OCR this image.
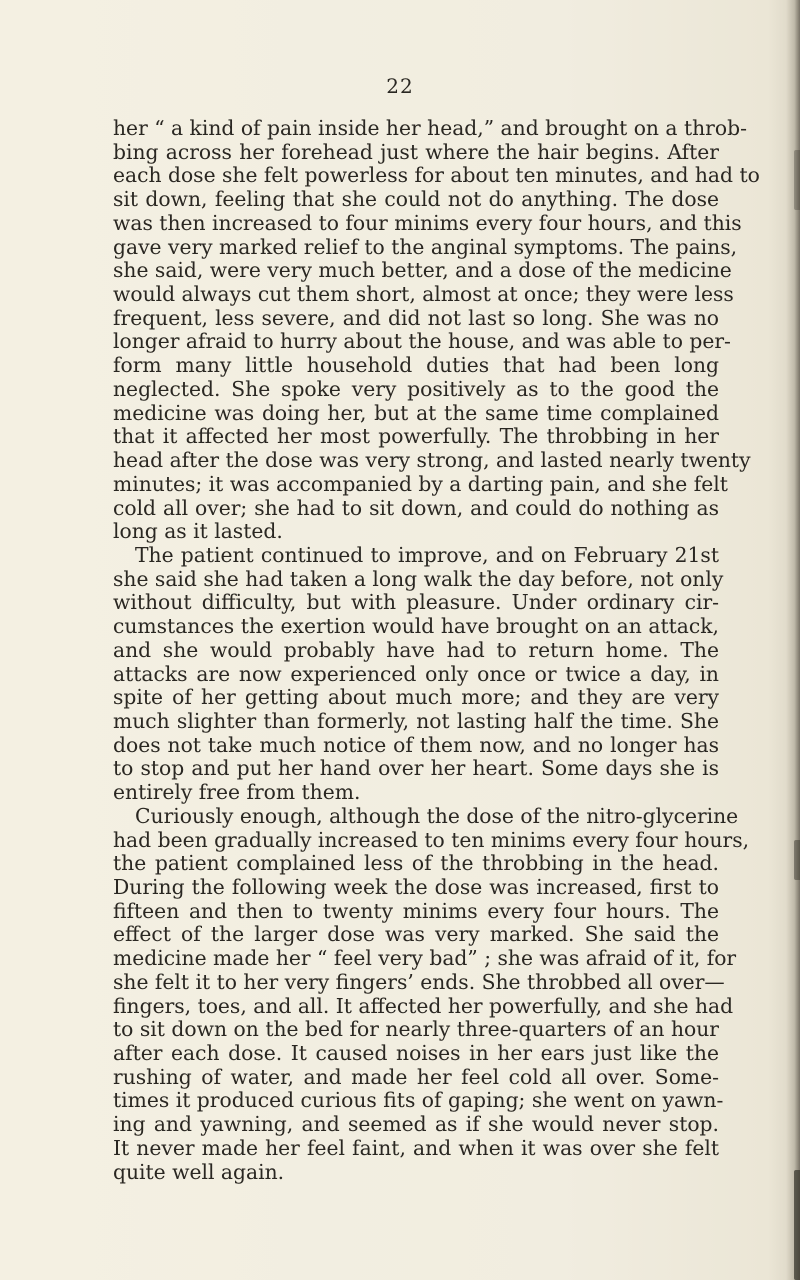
22
her “ a kind of pain inside her head,” and brought on a throb-
bing across her forehead just where the hair begins. After
each dose she felt powerless for about ten minutes, and had to
sit down, feeling that she could not do anything. The dose
was then increased to four minims every four hours, and this
gave very marked relief to the anginal symptoms. The pains,
she said, were very much better, and a dose of the medicine
would always cut them short, almost at once; they were less
frequent, less severe, and did not last so long. She was no
longer afraid to hurry about the house, and was able to per-
form many little household duties that had been long
neglected. She spoke very positively as to the good the
medicine was doing her, but at the same time complained
that it affected her most powerfully. The throbbing in her
head after the dose was very strong, and lasted nearly twenty
minutes; it was accompanied by a darting pain, and she felt
cold all over; she had to sit down, and could do nothing as
long as it lasted.
The patient continued to improve, and on February 21st
she said she had taken a long walk the day before, not only
without difficulty, but with pleasure. Under ordinary cir-
cumstances the exertion would have brought on an attack,
and she would probably have had to return home. The
attacks are now experienced only once or twice a day, in
spite of her getting about much more; and they are very
much slighter than formerly, not lasting half the time. She
does not take much notice of them now, and no longer has
to stop and put her hand over her heart. Some days she is
entirely free from them.
Curiously enough, although the dose of the nitro-glycerine
had been gradually increased to ten minims every four hours,
the patient complained less of the throbbing in the head.
During the following week the dose was increased, first to
fifteen and then to twenty minims every four hours. The
effect of the larger dose was very marked. She said the
medicine made her “ feel very bad” ; she was afraid of it, for
she felt it to her very fingers’ ends. She throbbed all over—
fingers, toes, and all. It affected her powerfully, and she had
to sit down on the bed for nearly three-quarters of an hour
after each dose. It caused noises in her ears just like the
rushing of water, and made her feel cold all over. Some-
times it produced curious fits of gaping; she went on yawn-
ing and yawning, and seemed as if she would never stop.
It never made her feel faint, and when it was over she felt
quite well again.
